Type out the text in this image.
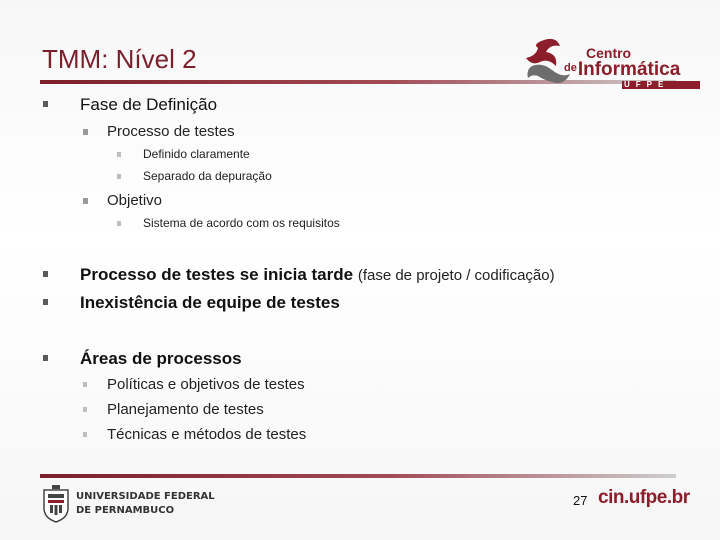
TMM: Nível 2	Centro
$^{de}$Informática
UFPE
Fase de Definição
Processo de testes
Definido claramente
Separado da depuração
Objetivo
Sistema de acordo com os requisitos
Processo de testes se inicia tarde (fase de projeto / codificação)
Inexistência de equipe de testes
Áreas de processos
Políticas e objetivos de testes
Planejamento de testes
Técnicas e métodos de testes
UNIVERSIDADE FEDERAL
DE PERNAMBUCO
27 cin.ufpe.br
